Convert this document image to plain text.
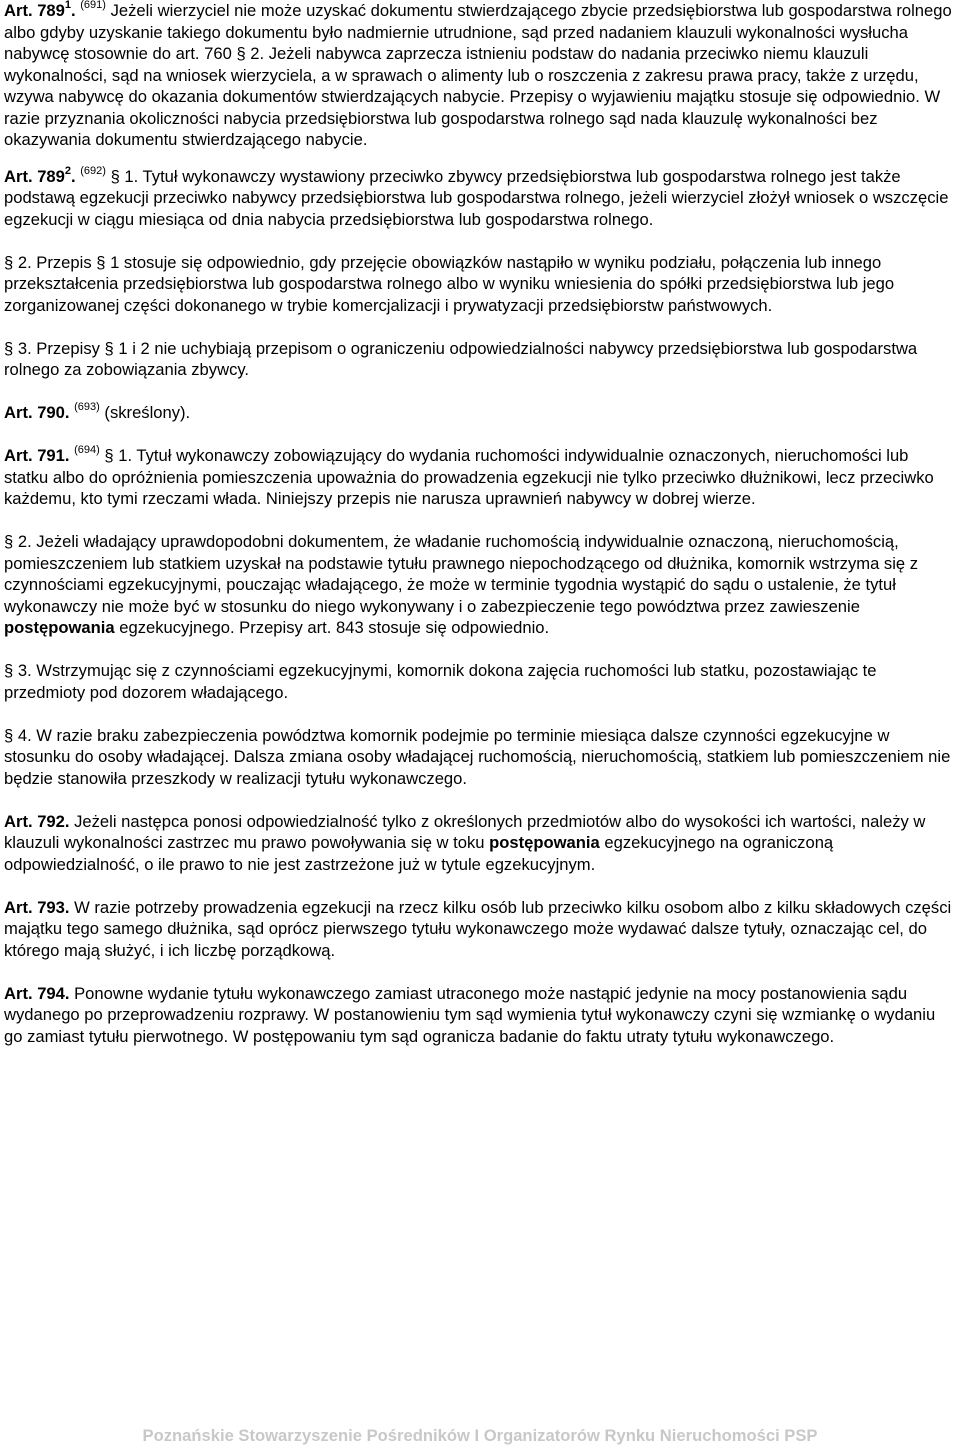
Art. $789^1$. $^{(691)}$ Jeżeli wierzyciel nie może uzyskać dokumentu stwierdzającego zbycie przedsiębiorstwa lub gospodarstwa rolnego albo gdyby uzyskanie takiego dokumentu było nadmiernie utrudnione, sąd przed nadaniem klauzuli wykonalności wysłucha nabywcę stosownie do art. 760 § 2. Jeżeli nabywca zaprzecza istnieniu podstaw do nadania przeciwko niemu klauzuli wykonalności, sąd na wniosek wierzyciela, a w sprawach o alimenty lub o roszczenia z zakresu prawa pracy, także z urzędu, wzywa nabywcę do okazania dokumentów stwierdzających nabycie. Przepisy o wyjawieniu majątku stosuje się odpowiednio. W razie przyznania okoliczności nabycia przedsiębiorstwa lub gospodarstwa rolnego sąd nada klauzulę wykonalności bez okazywania dokumentu stwierdzającego nabycie.

Art. $789^2$. $^{(692)}$ § 1. Tytuł wykonawczy wystawiony przeciwko zbywcy przedsiębiorstwa lub gospodarstwa rolnego jest także podstawą egzekucji przeciwko nabywcy przedsiębiorstwa lub gospodarstwa rolnego, jeżeli wierzyciel złożył wniosek o wszczęcie egzekucji w ciągu miesiąca od dnia nabycia przedsiębiorstwa lub gospodarstwa rolnego.

§ 2. Przepis § 1 stosuje się odpowiednio, gdy przejęcie obowiązków nastąpiło w wyniku podziału, połączenia lub innego przekształcenia przedsiębiorstwa lub gospodarstwa rolnego albo w wyniku wniesienia do spółki przedsiębiorstwa lub jego zorganizowanej części dokonanego w trybie komercjalizacji i prywatyzacji przedsiębiorstw państwowych.

§ 3. Przepisy § 1 i 2 nie uchybiają przepisom o ograniczeniu odpowiedzialności nabywcy przedsiębiorstwa lub gospodarstwa rolnego za zobowiązania zbywcy.

Art. 790. $^{(693)}$ (skreślony).

Art. 791. $^{(694)}$ § 1. Tytuł wykonawczy zobowiązujący do wydania ruchomości indywidualnie oznaczonych, nieruchomości lub statku albo do opróżnienia pomieszczenia upoważnia do prowadzenia egzekucji nie tylko przeciwko dłużnikowi, lecz przeciwko każdemu, kto tymi rzeczami włada. Niniejszy przepis nie narusza uprawnień nabywcy w dobrej wierze.

§ 2. Jeżeli władający uprawdopodobni dokumentem, że władanie ruchomością indywidualnie oznaczoną, nieruchomością, pomieszczeniem lub statkiem uzyskał na podstawie tytułu prawnego niepochodzącego od dłużnika, komornik wstrzyma się z czynnościami egzekucyjnymi, pouczając władającego, że może w terminie tygodnia wystąpić do sądu o ustalenie, że tytuł wykonawczy nie może być w stosunku do niego wykonywany i o zabezpieczenie tego powództwa przez zawieszenie postępowania egzekucyjnego. Przepisy art. 843 stosuje się odpowiednio.

§ 3. Wstrzymując się z czynnościami egzekucyjnymi, komornik dokona zajęcia ruchomości lub statku, pozostawiając te przedmioty pod dozorem władającego.

§ 4. W razie braku zabezpieczenia powództwa komornik podejmie po terminie miesiąca dalsze czynności egzekucyjne w stosunku do osoby władającej. Dalsza zmiana osoby władającej ruchomością, nieruchomością, statkiem lub pomieszczeniem nie będzie stanowiła przeszkody w realizacji tytułu wykonawczego.

Art. 792. Jeżeli następca ponosi odpowiedzialność tylko z określonych przedmiotów albo do wysokości ich wartości, należy w klauzuli wykonalności zastrzec mu prawo powoływania się w toku postępowania egzekucyjnego na ograniczoną odpowiedzialność, o ile prawo to nie jest zastrzeżone już w tytule egzekucyjnym.

Art. 793. W razie potrzeby prowadzenia egzekucji na rzecz kilku osób lub przeciwko kilku osobom albo z kilku składowych części majątku tego samego dłużnika, sąd oprócz pierwszego tytułu wykonawczego może wydawać dalsze tytuły, oznaczając cel, do którego mają służyć, i ich liczbę porządkową.

Art. 794. Ponowne wydanie tytułu wykonawczego zamiast utraconego może nastąpić jedynie na mocy postanowienia sądu wydanego po przeprowadzeniu rozprawy. W postanowieniu tym sąd wymienia tytuł wykonawczy czyni się wzmiankę o wydaniu go zamiast tytułu pierwotnego. W postępowaniu tym sąd ogranicza badanie do faktu utraty tytułu wykonawczego.

Poznańskie Stowarzyszenie Pośredników I Organizatorów Rynku Nieruchomości PSP
